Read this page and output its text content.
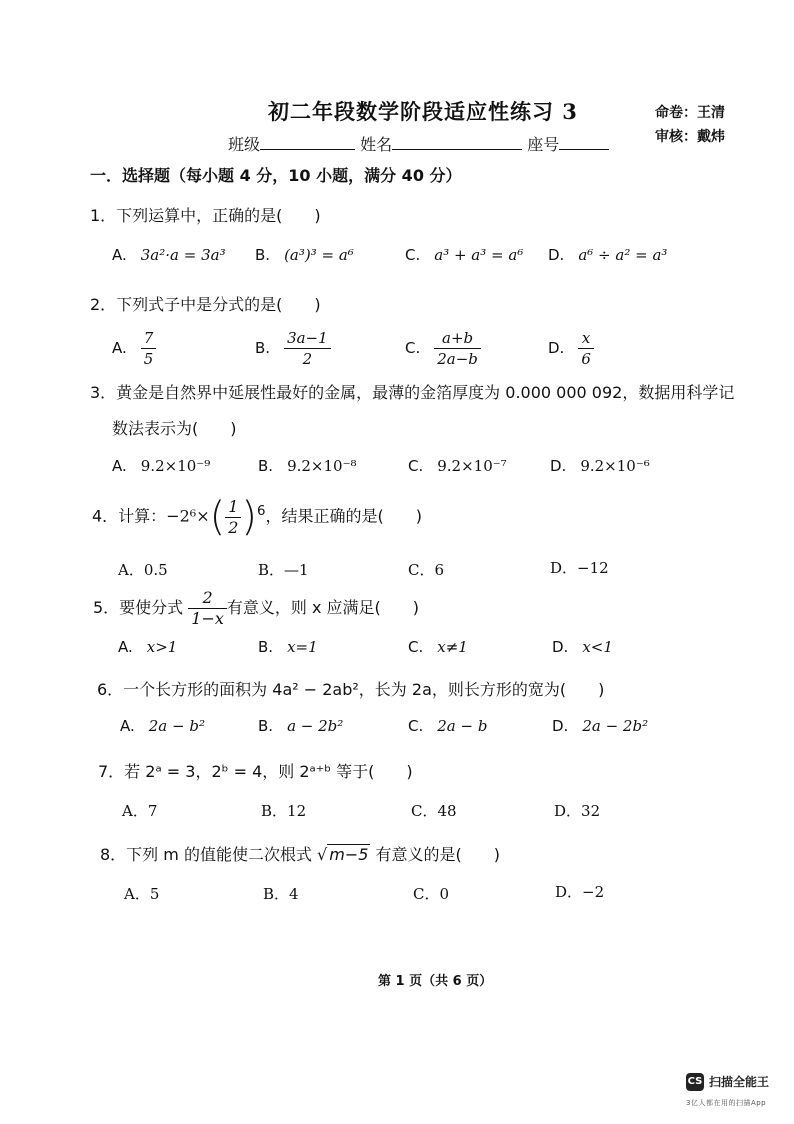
初二年段数学阶段适应性练习 3	命卷：王清
审核：戴炜
班级	姓名	座号
一．选择题（每小题 4 分，10 小题，满分 40 分）
1．下列运算中，正确的是(　　)
A. 3a²·a = 3a³ B. (a³)³ = a⁶	C. a³ + a³ = a⁶ D. a⁶ ÷ a² = a³
2．下列式子中是分式的是(　　)
A. $\frac{7}{5}$	B. $\frac{3a-1}{2}$	C. $\frac{a+b}{2a-b}$	D. $\frac{x}{6}$
3．黄金是自然界中延展性最好的金属，最薄的金箔厚度为 0.000 000 092，数据用科学记
数法表示为(　　)
A. 9.2×10⁻⁹	B. 9.2×10⁻⁸	C. 9.2×10⁻⁷	D. 9.2×10⁻⁶
4．计算：$-2^6\times( \frac{1}{2} )^6$，结果正确的是(　　)
A．0.5	B．—1	C．6	D．−12
5．要使分式 $\frac{2}{1-x}$ 有意义，则 x 应满足(　　)
A. x>1	B. x=1	C. x≠1	D. x<1
6．一个长方形的面积为 4a² − 2ab²，长为 2a，则长方形的宽为(　　)
A. 2a − b²	B. a − 2b²	C. 2a − b	D. 2a − 2b²
7．若 2ᵃ = 3，2ᵇ = 4，则 2ᵃ⁺ᵇ 等于(　　)
A．7	B．12	C．48	D．32
8．下列 m 的值能使二次根式 √ m−5 有意义的是(　　)
A．5	B．4	C．0	D．−2
第 1 页（共 6 页）
CS 扫描全能王
3亿人都在用的扫描App
